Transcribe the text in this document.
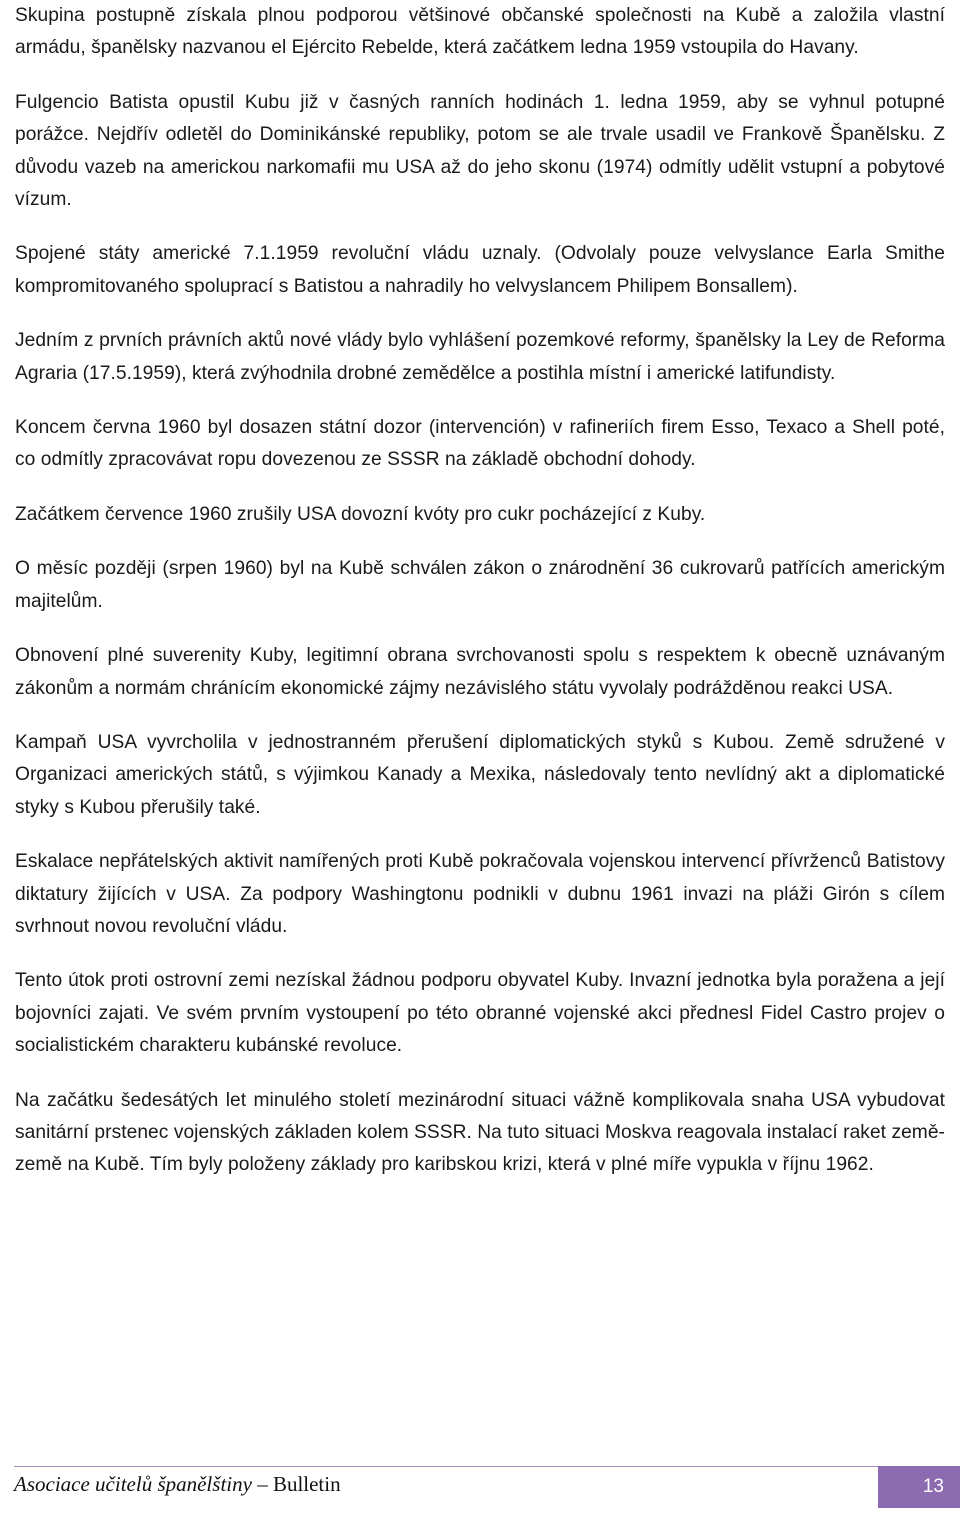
Skupina postupně získala plnou podporou většinové občanské společnosti na Kubě a založila vlastní armádu, španělsky nazvanou el Ejército Rebelde, která začátkem ledna 1959 vstoupila do Havany.

Fulgencio Batista opustil Kubu již v časných ranních hodinách 1. ledna 1959, aby se vyhnul potupné porážce. Nejdřív odletěl do Dominikánské republiky, potom se ale trvale usadil ve Frankově Španělsku. Z důvodu vazeb na americkou narkomafii mu USA až do jeho skonu (1974) odmítly udělit vstupní a pobytové vízum.

Spojené státy americké 7.1.1959 revoluční vládu uznaly. (Odvolaly pouze velvyslance Earla Smithe kompromitovaného spoluprací s Batistou a nahradily ho velvyslancem Philipem Bonsallem).

Jedním z prvních právních aktů nové vlády bylo vyhlášení pozemkové reformy, španělsky la Ley de Reforma Agraria (17.5.1959), která zvýhodnila drobné zemědělce a postihla místní i americké latifundisty.

Koncem června 1960 byl dosazen státní dozor (intervención) v rafineriích firem Esso, Texaco a Shell poté, co odmítly zpracovávat ropu dovezenou ze SSSR na základě obchodní dohody.

Začátkem července 1960 zrušily USA dovozní kvóty pro cukr pocházející z Kuby.

O měsíc později (srpen 1960) byl na Kubě schválen zákon o znárodnění 36 cukrovarů patřících americkým majitelům.

Obnovení plné suverenity Kuby, legitimní obrana svrchovanosti spolu s respektem k obecně uznávaným zákonům a normám chránícím ekonomické zájmy nezávislého státu vyvolaly podrážděnou reakci USA.

Kampaň USA vyvrcholila v jednostranném přerušení diplomatických styků s Kubou. Země sdružené v Organizaci amerických států, s výjimkou Kanady a Mexika, následovaly tento nevlídný akt a diplomatické styky s Kubou přerušily také.

Eskalace nepřátelských aktivit namířených proti Kubě pokračovala vojenskou intervencí přívrženců Batistovy diktatury žijících v USA. Za podpory Washingtonu podnikli v dubnu 1961 invazi na pláži Girón s cílem svrhnout novou revoluční vládu.

Tento útok proti ostrovní zemi nezískal žádnou podporu obyvatel Kuby. Invazní jednotka byla poražena a její bojovníci zajati. Ve svém prvním vystoupení po této obranné vojenské akci přednesl Fidel Castro projev o socialistickém charakteru kubánské revoluce.

Na začátku šedesátých let minulého století mezinárodní situaci vážně komplikovala snaha USA vybudovat sanitární prstenec vojenských základen kolem SSSR. Na tuto situaci Moskva reagovala instalací raket země-země na Kubě. Tím byly položeny základy pro karibskou krizi, která v plné míře vypukla v říjnu 1962.

Asociace učitelů španělštiny – Bulletin	13
